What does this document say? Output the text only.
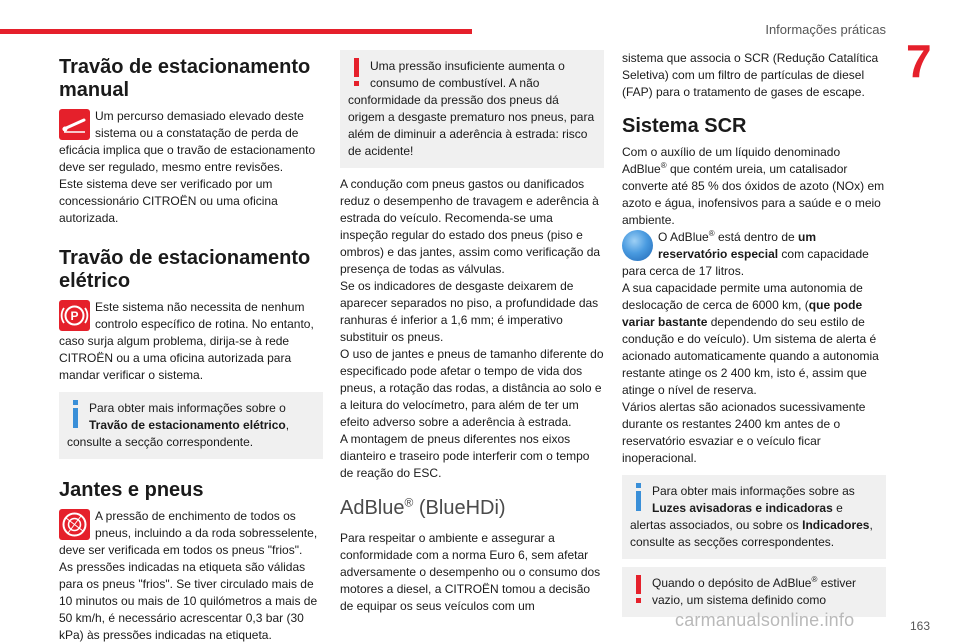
Informações práticas
7
Travão de estacionamento manual

Um percurso demasiado elevado deste sistema ou a constatação de perda de eficácia implica que o travão de estacionamento deve ser regulado, mesmo entre revisões.

Este sistema deve ser verificado por um concessionário CITROËN ou uma oficina autorizada.

Travão de estacionamento elétrico

P
Este sistema não necessita de nenhum controlo específico de rotina. No entanto, caso surja algum problema, dirija-se à rede CITROËN ou a uma oficina autorizada para mandar verificar o sistema.

Para obter mais informações sobre o Travão de estacionamento elétrico, consulte a secção correspondente.
Jantes e pneus

A pressão de enchimento de todos os pneus, incluindo a da roda sobresselente, deve ser verificada em todos os pneus "frios".

As pressões indicadas na etiqueta são válidas para os pneus "frios". Se tiver circulado mais de 10 minutos ou mais de 10 quilómetros a mais de 50 km/h, é necessário acrescentar 0,3 bar (30 kPa) às pressões indicadas na etiqueta.

Uma pressão insuficiente aumenta o consumo de combustível. A não conformidade da pressão dos pneus dá origem a desgaste prematuro nos pneus, para além de diminuir a aderência à estrada: risco de acidente!

A condução com pneus gastos ou danificados reduz o desempenho de travagem e aderência à estrada do veículo. Recomenda-se uma inspeção regular do estado dos pneus (piso e ombros) e das jantes, assim como verificação da presença de todas as válvulas.

Se os indicadores de desgaste deixarem de aparecer separados no piso, a profundidade das ranhuras é inferior a 1,6 mm; é imperativo substituir os pneus.

O uso de jantes e pneus de tamanho diferente do especificado pode afetar o tempo de vida dos pneus, a rotação das rodas, a distância ao solo e a leitura do velocímetro, para além de ter um efeito adverso sobre a aderência à estrada.

A montagem de pneus diferentes nos eixos dianteiro e traseiro pode interferir com o tempo de reação do ESC.

AdBlue® (BlueHDi)

Para respeitar o ambiente e assegurar a conformidade com a norma Euro 6, sem afetar adversamente o desempenho ou o consumo dos motores a diesel, a CITROËN tomou a decisão de equipar os seus veículos com um

sistema que associa o SCR (Redução Catalítica Seletiva) com um filtro de partículas de diesel (FAP) para o tratamento de gases de escape.

Sistema SCR

Com o auxílio de um líquido denominado AdBlue® que contém ureia, um catalisador converte até 85 % dos óxidos de azoto (NOx) em azoto e água, inofensivos para a saúde e o meio ambiente.

O AdBlue® está dentro de um reservatório especial com capacidade para cerca de 17 litros.

A sua capacidade permite uma autonomia de deslocação de cerca de 6000 km, (que pode variar bastante dependendo do seu estilo de condução e do veículo). Um sistema de alerta é acionado automaticamente quando a autonomia restante atinge os 2 400 km, isto é, assim que atinge o nível de reserva.

Vários alertas são acionados sucessivamente durante os restantes 2400 km antes de o reservatório esvaziar e o veículo ficar inoperacional.

Para obter mais informações sobre as Luzes avisadoras e indicadoras e alertas associados, ou sobre os Indicadores, consulte as secções correspondentes.
Quando o depósito de AdBlue® estiver vazio, um sistema definido como
163
carmanualsonline.info
